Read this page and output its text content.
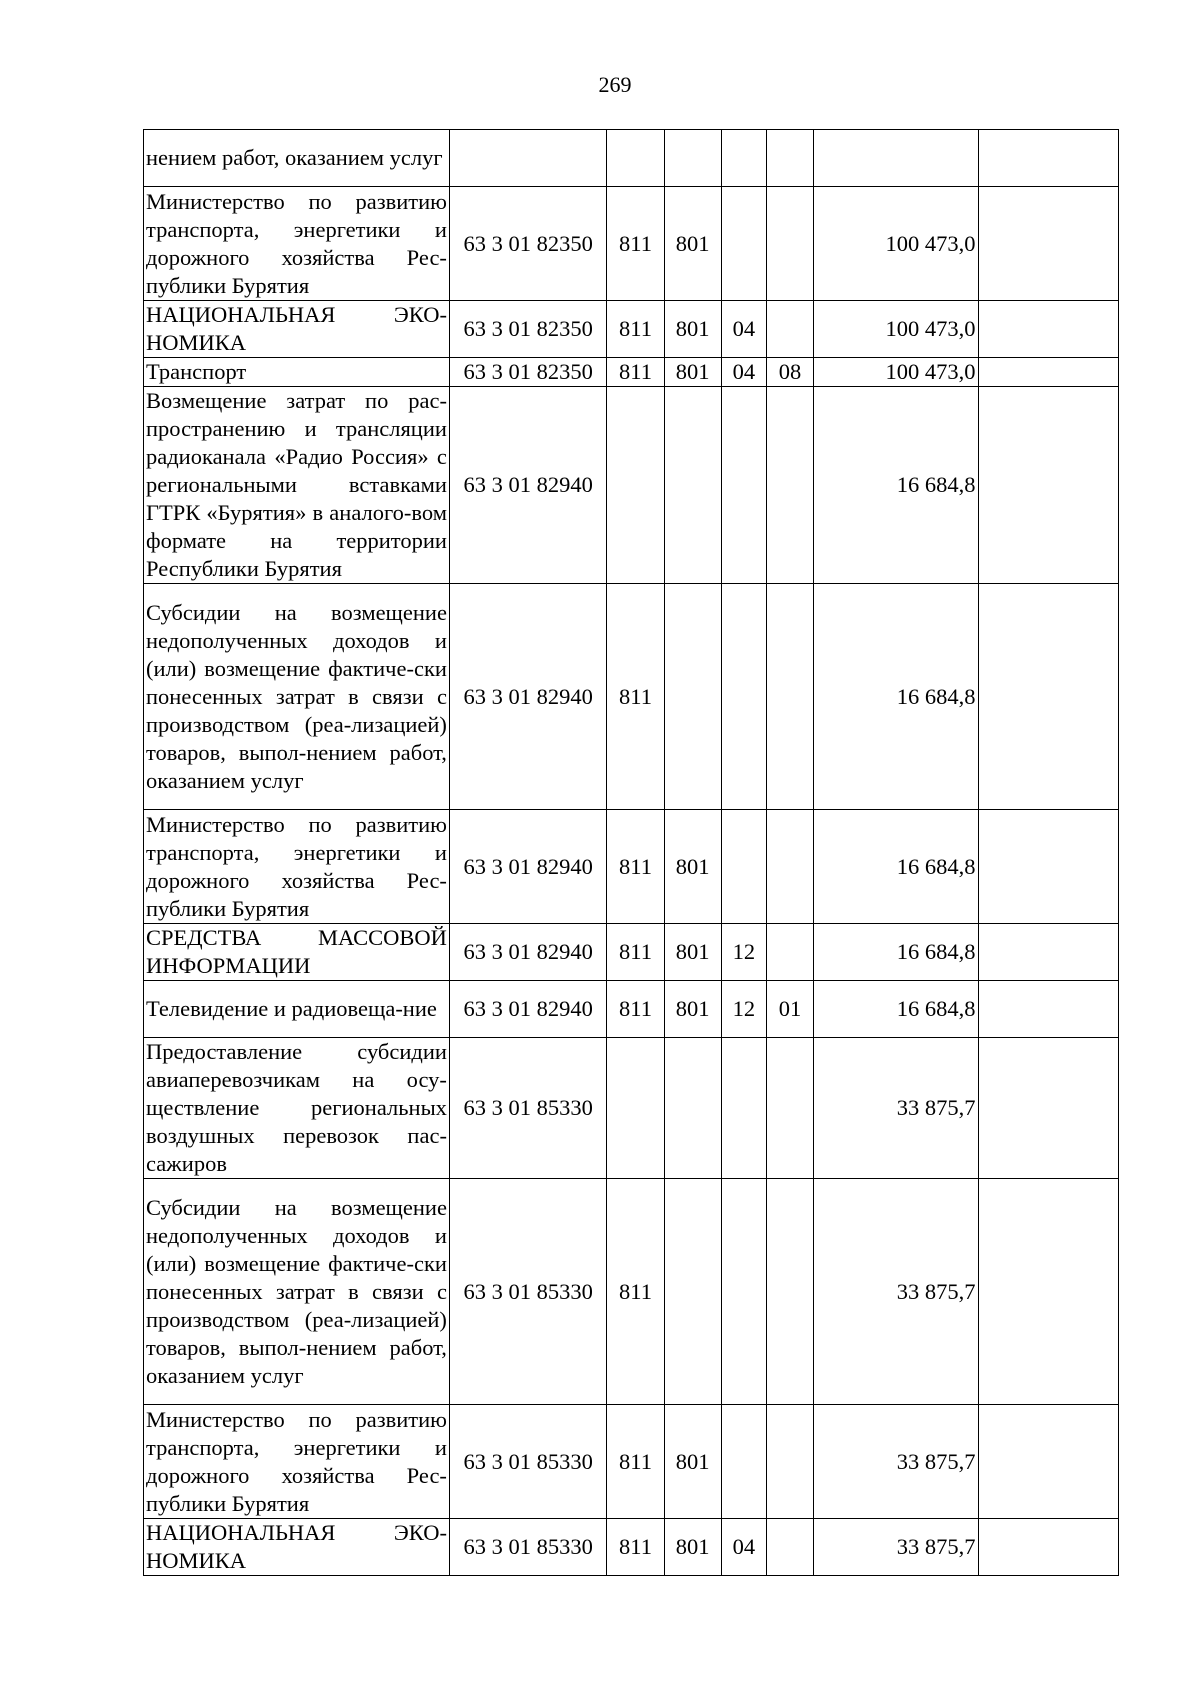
269
нением работ, оказанием услуг							
Министерство по развитию транспорта, энергетики и дорожного хозяйства Рес-публики Бурятия	63 3 01 82350	811	801			100 473,0	
НАЦИОНАЛЬНАЯ ЭКО-НОМИКА	63 3 01 82350	811	801	04		100 473,0	
Транспорт	63 3 01 82350	811	801	04	08	100 473,0	
Возмещение затрат по рас-пространению и трансляции радиоканала «Радио Россия» с региональными вставками ГТРК «Бурятия» в аналого-вом формате на территории Республики Бурятия	63 3 01 82940					16 684,8	
Субсидии на возмещение недополученных доходов и (или) возмещение фактиче-ски понесенных затрат в связи с производством (реа-лизацией) товаров, выпол-нением работ, оказанием услуг	63 3 01 82940	811				16 684,8	
Министерство по развитию транспорта, энергетики и дорожного хозяйства Рес-публики Бурятия	63 3 01 82940	811	801			16 684,8	
СРЕДСТВА МАССОВОЙ ИНФОРМАЦИИ	63 3 01 82940	811	801	12		16 684,8	
Телевидение и радиовеща-ние	63 3 01 82940	811	801	12	01	16 684,8	
Предоставление субсидии авиаперевозчикам на осу-ществление региональных воздушных перевозок пас-сажиров	63 3 01 85330					33 875,7	
Субсидии на возмещение недополученных доходов и (или) возмещение фактиче-ски понесенных затрат в связи с производством (реа-лизацией) товаров, выпол-нением работ, оказанием услуг	63 3 01 85330	811				33 875,7	
Министерство по развитию транспорта, энергетики и дорожного хозяйства Рес-публики Бурятия	63 3 01 85330	811	801			33 875,7	
НАЦИОНАЛЬНАЯ ЭКО-НОМИКА	63 3 01 85330	811	801	04		33 875,7	
